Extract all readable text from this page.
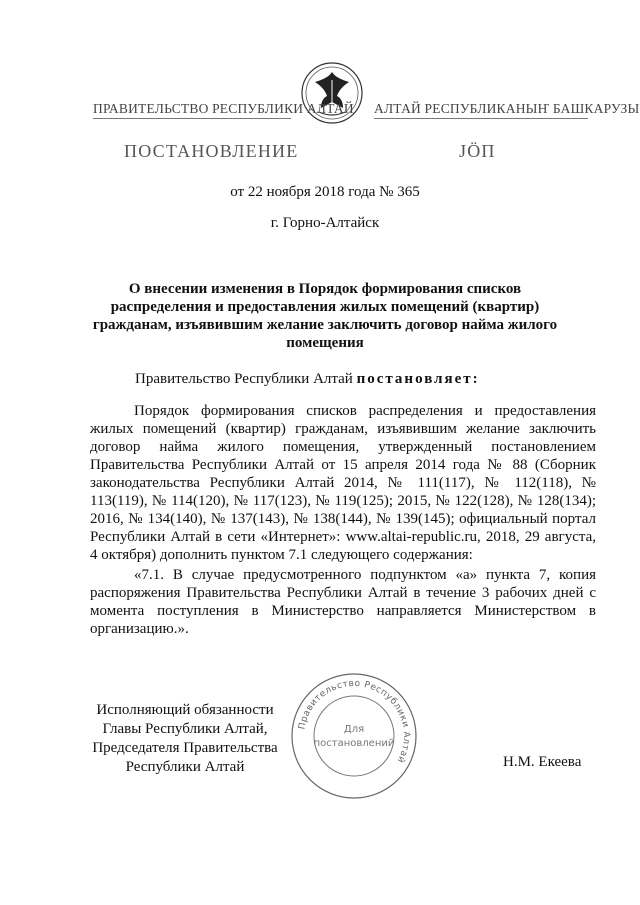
ПРАВИТЕЛЬСТВО РЕСПУБЛИКИ АЛТАЙ АЛТАЙ РЕСПУБЛИКАНЫҤ БАШКАРУЗЫ
ПОСТАНОВЛЕНИЕ	ЈӦП
от 22 ноября 2018 года № 365
г. Горно-Алтайск
О внесении изменения в Порядок формирования списков распределения и предоставления жилых помещений (квартир) гражданам, изъявившим желание заключить договор найма жилого помещения
Правительство Республики Алтай постановляет:

Порядок формирования списков распределения и предоставления жилых помещений (квартир) гражданам, изъявившим желание заключить договор найма жилого помещения, утвержденный постановлением Правительства Республики Алтай от 15 апреля 2014 года № 88 (Сборник законодательства Республики Алтай 2014, № 111(117), № 112(118), № 113(119), № 114(120), № 117(123), № 119(125); 2015, № 122(128), № 128(134); 2016, № 134(140), № 137(143), № 138(144), № 139(145); официальный портал Республики Алтай в сети «Интернет»: www.altai-republic.ru, 2018, 29 августа, 4 октября) дополнить пунктом 7.1 следующего содержания:

«7.1. В случае предусмотренного подпунктом «а» пункта 7, копия распоряжения Правительства Республики Алтай в течение 3 рабочих дней с момента поступления в Министерство направляется Министерством в организацию.».

Исполняющий обязанности
Главы Республики Алтай,
Председателя Правительства
Республики Алтай	Н.М. Екеева
Правительство Республики Алтай
Для
постановлений
